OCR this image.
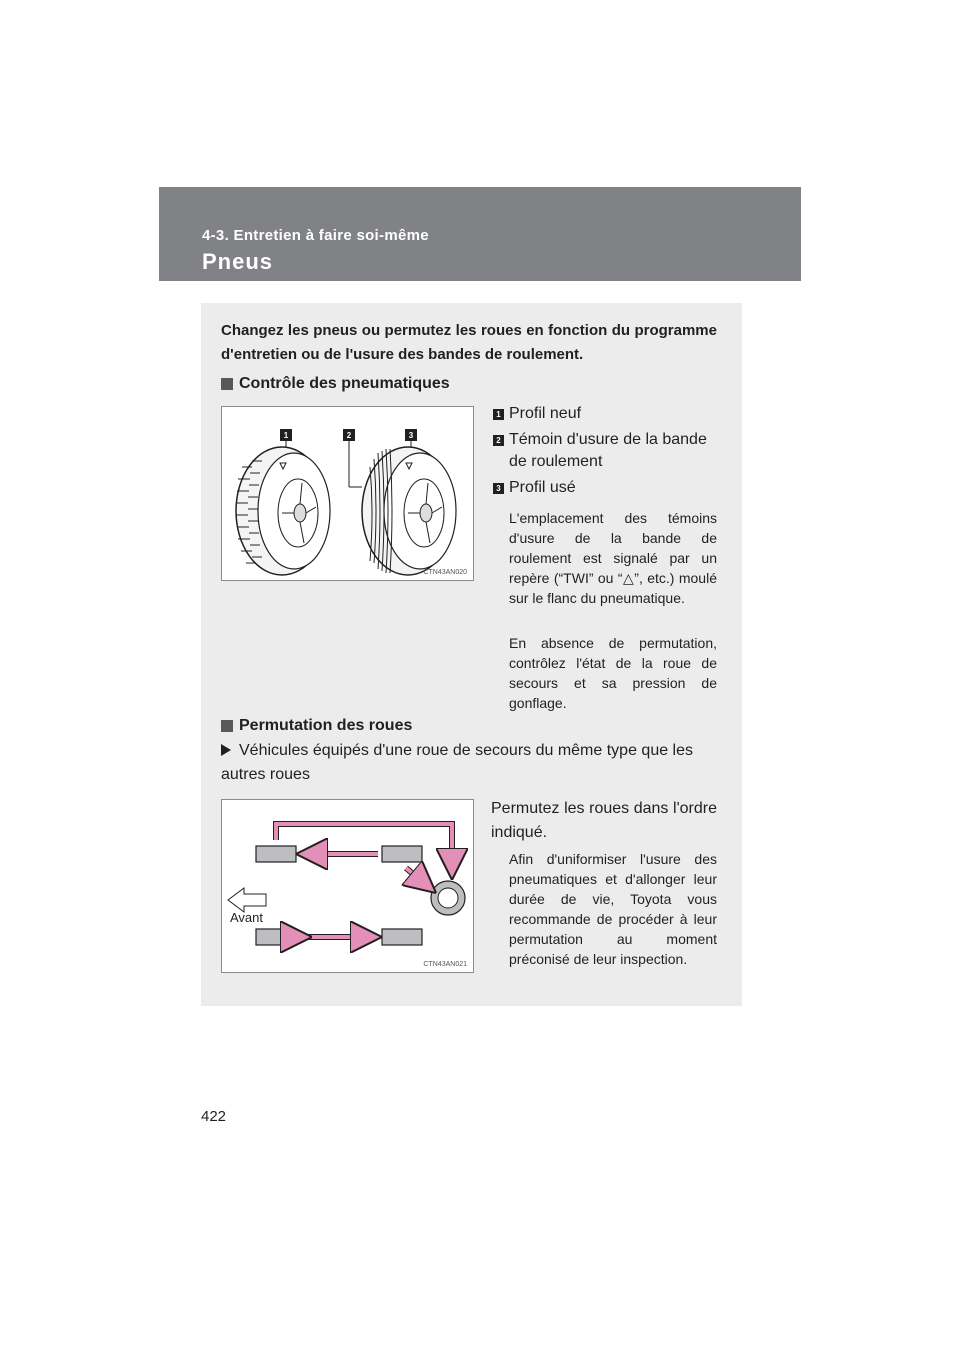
4-3. Entretien à faire soi-même
Pneus
Changez les pneus ou permutez les roues en fonction du programme d'entretien ou de l'usure des bandes de roulement.
Contrôle des pneumatiques
1	2	3
CTN43AN020
1 Profil neuf
2 Témoin d'usure de la bande de roulement
3 Profil usé
L'emplacement des témoins d'usure de la bande de roulement est signalé par un repère (“TWI” ou “△”, etc.) moulé sur le flanc du pneumatique.
En absence de permutation, contrôlez l'état de la roue de secours et sa pression de gonflage.
Permutation des roues
Véhicules équipés d'une roue de secours du même type que les autres roues
Avant
CTN43AN021
Permutez les roues dans l'ordre indiqué.
Afin d'uniformiser l'usure des pneumatiques et d'allonger leur durée de vie, Toyota vous recommande de procéder à leur permutation au moment préconisé de leur inspection.
422
